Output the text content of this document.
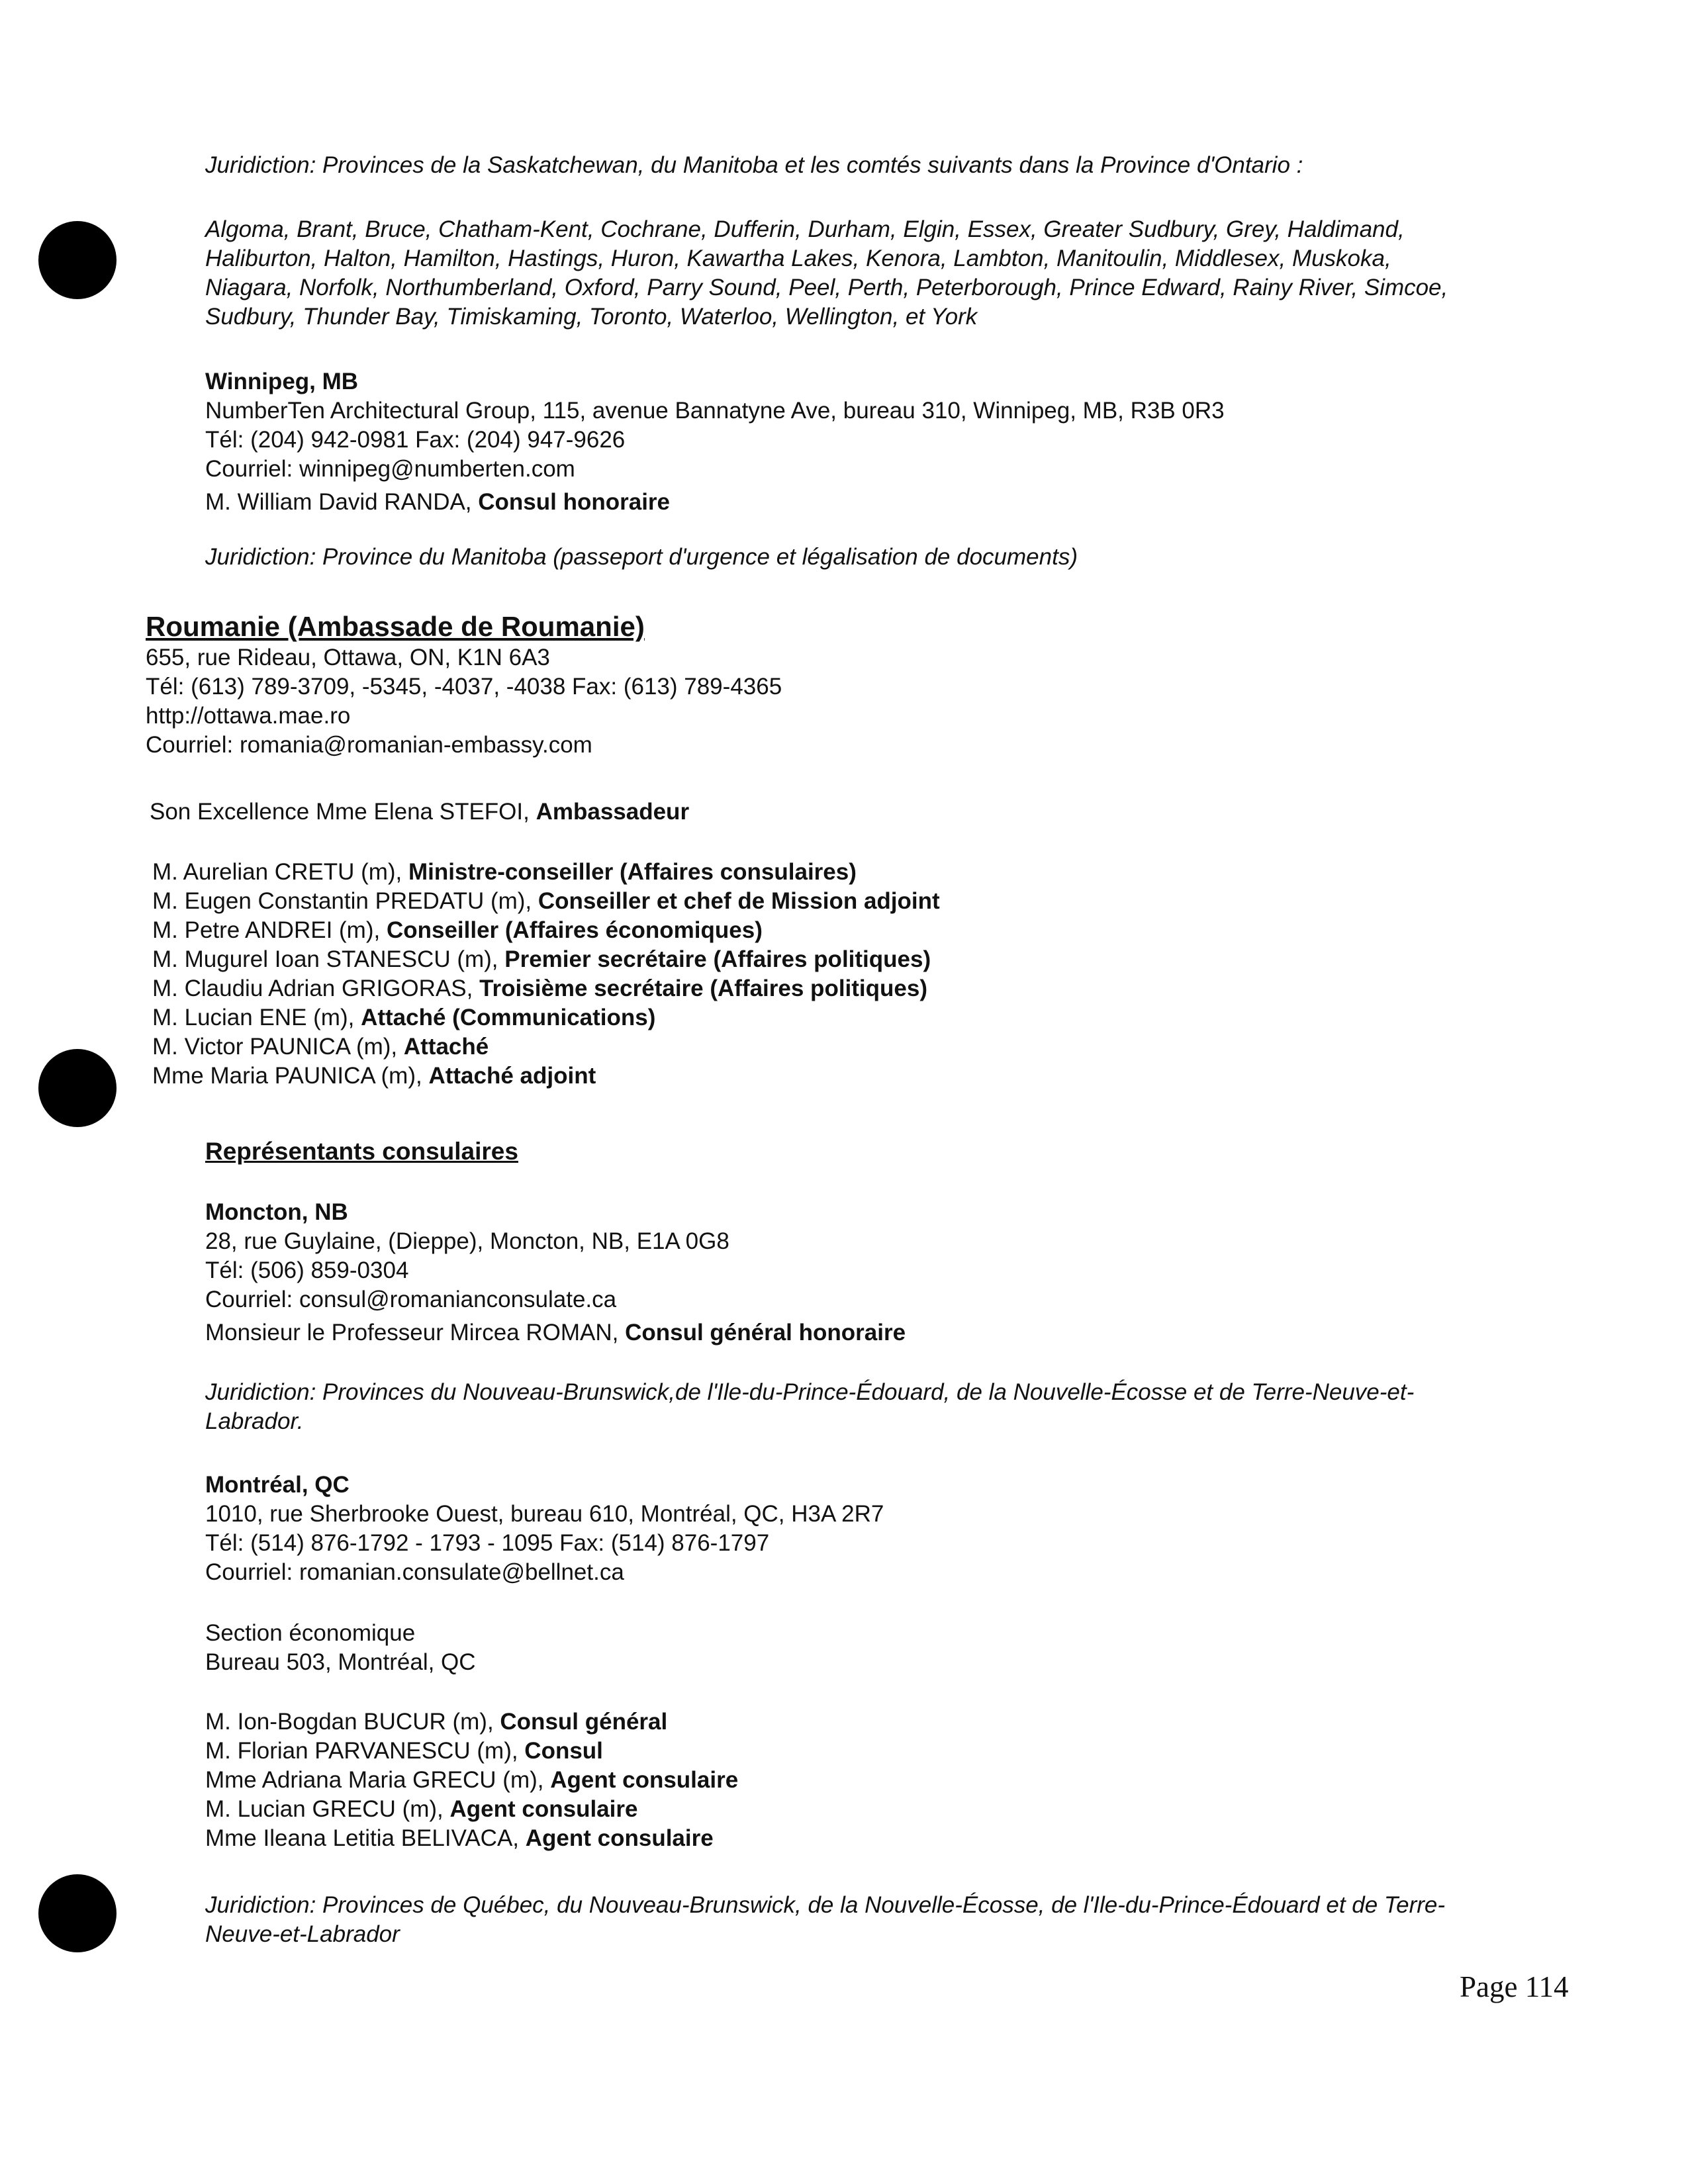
Juridiction: Provinces de la Saskatchewan, du Manitoba et les comtés suivants dans la Province d'Ontario :

Algoma, Brant, Bruce, Chatham-Kent, Cochrane, Dufferin, Durham, Elgin, Essex, Greater Sudbury, Grey, Haldimand,
Haliburton, Halton, Hamilton, Hastings, Huron, Kawartha Lakes, Kenora, Lambton, Manitoulin, Middlesex, Muskoka,
Niagara, Norfolk, Northumberland, Oxford, Parry Sound, Peel, Perth, Peterborough, Prince Edward, Rainy River, Simcoe,
Sudbury, Thunder Bay, Timiskaming, Toronto, Waterloo, Wellington, et York
Winnipeg, MB
NumberTen Architectural Group, 115, avenue Bannatyne Ave, bureau 310, Winnipeg, MB, R3B 0R3
Tél: (204) 942-0981 Fax: (204) 947-9626
Courriel: winnipeg@numberten.com
M. William David RANDA, Consul honoraire

Juridiction: Province du Manitoba (passeport d'urgence et légalisation de documents)

Roumanie (Ambassade de Roumanie)
655, rue Rideau, Ottawa, ON, K1N 6A3
Tél: (613) 789-3709, -5345, -4037, -4038 Fax: (613) 789-4365
http://ottawa.mae.ro
Courriel: romania@romanian-embassy.com

Son Excellence Mme Elena STEFOI, Ambassadeur

M. Aurelian CRETU (m), Ministre-conseiller (Affaires consulaires)
M. Eugen Constantin PREDATU (m), Conseiller et chef de Mission adjoint
M. Petre ANDREI (m), Conseiller (Affaires économiques)
M. Mugurel Ioan STANESCU (m), Premier secrétaire (Affaires politiques)
M. Claudiu Adrian GRIGORAS, Troisième secrétaire (Affaires politiques)
M. Lucian ENE (m), Attaché (Communications)
M. Victor PAUNICA (m), Attaché
Mme Maria PAUNICA (m), Attaché adjoint

Représentants consulaires

Moncton, NB
28, rue Guylaine, (Dieppe), Moncton, NB, E1A 0G8
Tél: (506) 859-0304
Courriel: consul@romanianconsulate.ca
Monsieur le Professeur Mircea ROMAN, Consul général honoraire
Juridiction: Provinces du Nouveau-Brunswick,de l'Ile-du-Prince-Édouard, de la Nouvelle-Écosse et de Terre-Neuve-et-
Labrador.
Montréal, QC
1010, rue Sherbrooke Ouest, bureau 610, Montréal, QC, H3A 2R7
Tél: (514) 876-1792 - 1793 - 1095 Fax: (514) 876-1797
Courriel: romanian.consulate@bellnet.ca
Section économique
Bureau 503, Montréal, QC
M. Ion-Bogdan BUCUR (m), Consul général
M. Florian PARVANESCU (m), Consul
Mme Adriana Maria GRECU (m), Agent consulaire
M. Lucian GRECU (m), Agent consulaire
Mme Ileana Letitia BELIVACA, Agent consulaire
Juridiction: Provinces de Québec, du Nouveau-Brunswick, de la Nouvelle-Écosse, de l'Ile-du-Prince-Édouard et de Terre-
Neuve-et-Labrador
Page 114
